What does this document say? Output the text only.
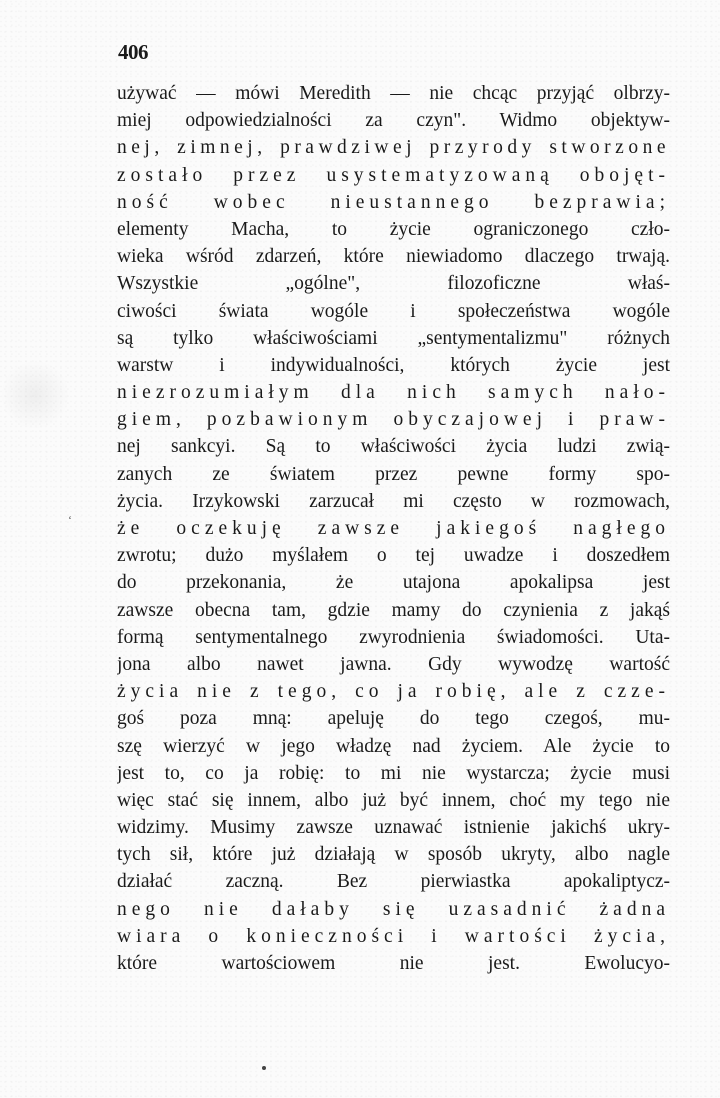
406
używać — mówi Meredith — nie chcąc przyjąć olbrzy-
miej odpowiedzialności za czyn". Widmo objektyw-
nej, zimnej, prawdziwej przyrody stworzone
zostało przez usystematyzowaną obojęt-
ność wobec nieustannego bezprawia;
elementy Macha, to życie ograniczonego czło-
wieka wśród zdarzeń, które niewiadomo dlaczego trwają.
Wszystkie „ogólne", filozoficzne właś-
ciwości świata wogóle i społeczeństwa wogóle
są tylko właściwościami „sentymentalizmu" różnych
warstw i indywidualności, których życie jest
niezrozumiałym dla nich samych nało-
giem, pozbawionym obyczajowej i praw-
nej sankcyi. Są to właściwości życia ludzi zwią-
zanych ze światem przez pewne formy spo-
życia. Irzykowski zarzucał mi często w rozmowach,
że oczekuję zawsze jakiegoś nagłego
zwrotu; dużo myślałem o tej uwadze i doszedłem
do przekonania, że utajona apokalipsa jest
zawsze obecna tam, gdzie mamy do czynienia z jakąś
formą sentymentalnego zwyrodnienia świadomości. Uta-
jona albo nawet jawna. Gdy wywodzę wartość
życia nie z tego, co ja robię, ale z czze-
goś poza mną: apeluję do tego czegoś, mu-
szę wierzyć w jego władzę nad życiem. Ale życie to
jest to, co ja robię: to mi nie wystarcza; życie musi
więc stać się innem, albo już być innem, choć my tego nie
widzimy. Musimy zawsze uznawać istnienie jakichś ukry-
tych sił, które już działają w sposób ukryty, albo nagle
działać zaczną. Bez pierwiastka apokaliptycz-
nego nie dałaby się uzasadnić żadna
wiara o konieczności i wartości życia,
które wartościowem nie jest. Ewolucyo-
‘
